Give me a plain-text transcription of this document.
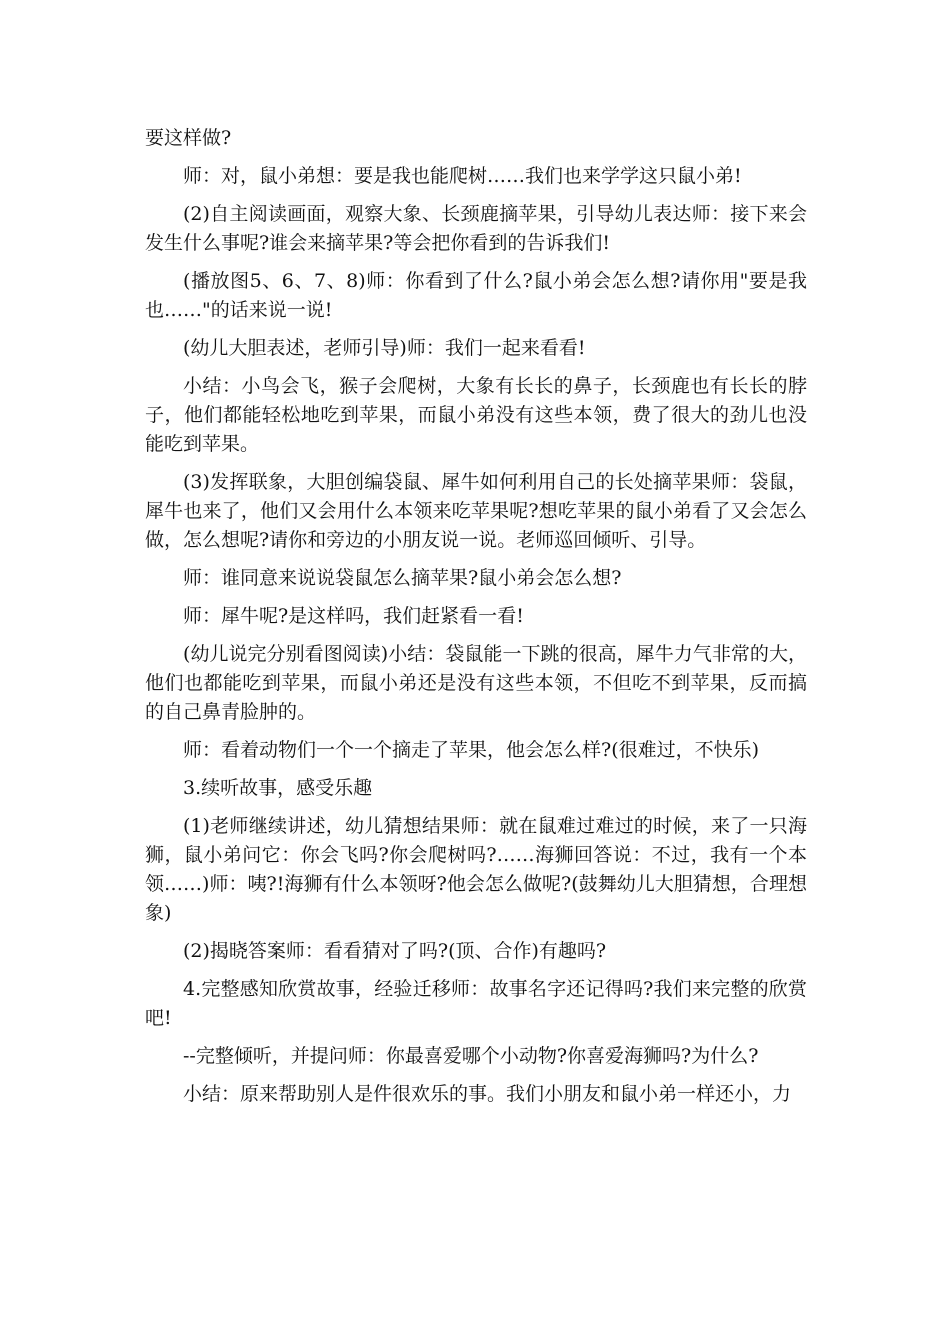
要这样做?

师：对，鼠小弟想：要是我也能爬树……我们也来学学这只鼠小弟!

(2)自主阅读画面，观察大象、长颈鹿摘苹果，引导幼儿表达师：接下来会发生什么事呢?谁会来摘苹果?等会把你看到的告诉我们!

(播放图5、6、7、8)师：你看到了什么?鼠小弟会怎么想?请你用"要是我也……"的话来说一说!

(幼儿大胆表述，老师引导)师：我们一起来看看!

小结：小鸟会飞，猴子会爬树，大象有长长的鼻子，长颈鹿也有长长的脖子，他们都能轻松地吃到苹果，而鼠小弟没有这些本领，费了很大的劲儿也没能吃到苹果。

(3)发挥联象，大胆创编袋鼠、犀牛如何利用自己的长处摘苹果师：袋鼠，犀牛也来了，他们又会用什么本领来吃苹果呢?想吃苹果的鼠小弟看了又会怎么做，怎么想呢?请你和旁边的小朋友说一说。老师巡回倾听、引导。

师：谁同意来说说袋鼠怎么摘苹果?鼠小弟会怎么想?

师：犀牛呢?是这样吗，我们赶紧看一看!

(幼儿说完分别看图阅读)小结：袋鼠能一下跳的很高，犀牛力气非常的大，他们也都能吃到苹果，而鼠小弟还是没有这些本领，不但吃不到苹果，反而搞的自己鼻青脸肿的。

师：看着动物们一个一个摘走了苹果，他会怎么样?(很难过，不快乐)

3.续听故事，感受乐趣

(1)老师继续讲述，幼儿猜想结果师：就在鼠难过难过的时候，来了一只海狮，鼠小弟问它：你会飞吗?你会爬树吗?……海狮回答说：不过，我有一个本领……)师：咦?!海狮有什么本领呀?他会怎么做呢?(鼓舞幼儿大胆猜想，合理想象)

(2)揭晓答案师：看看猜对了吗?(顶、合作)有趣吗?

4.完整感知欣赏故事，经验迁移师：故事名字还记得吗?我们来完整的欣赏吧!

--完整倾听，并提问师：你最喜爱哪个小动物?你喜爱海狮吗?为什么?

小结：原来帮助别人是件很欢乐的事。我们小朋友和鼠小弟一样还小，力
